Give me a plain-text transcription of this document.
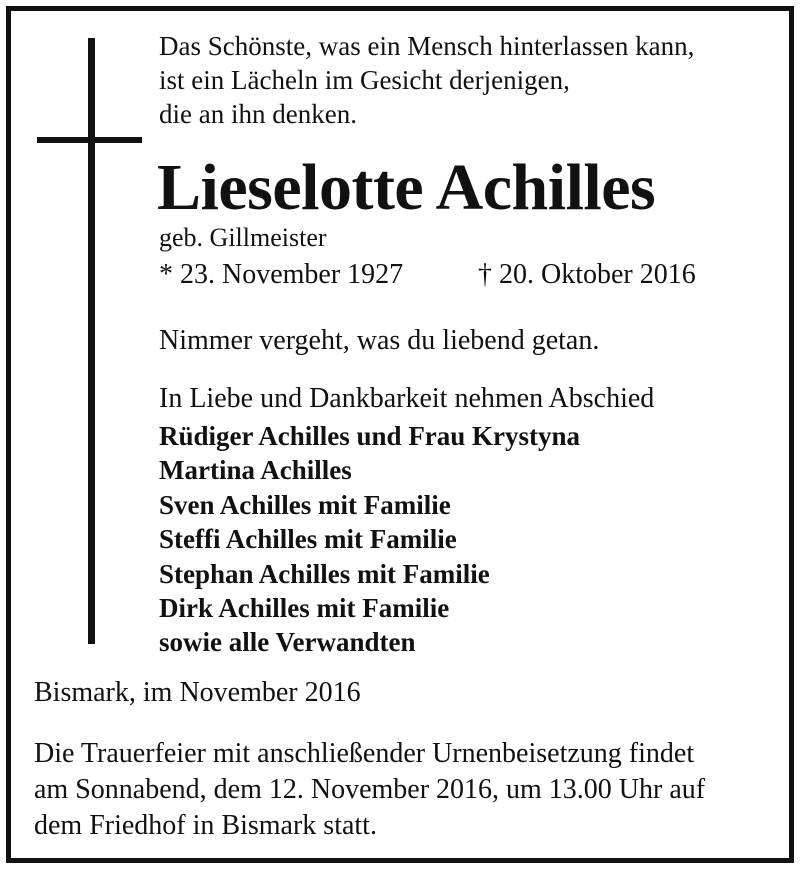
Das Schönste, was ein Mensch hinterlassen kann,
ist ein Lächeln im Gesicht derjenigen,
die an ihn denken.
Lieselotte Achilles
geb. Gillmeister
* 23. November 1927	† 20. Oktober 2016
Nimmer vergeht, was du liebend getan.
In Liebe und Dankbarkeit nehmen Abschied
Rüdiger Achilles und Frau Krystyna
Martina Achilles
Sven Achilles mit Familie
Steffi Achilles mit Familie
Stephan Achilles mit Familie
Dirk Achilles mit Familie
sowie alle Verwandten
Bismark, im November 2016
Die Trauerfeier mit anschließender Urnenbeisetzung findet
am Sonnabend, dem 12. November 2016, um 13.00 Uhr auf
dem Friedhof in Bismark statt.
